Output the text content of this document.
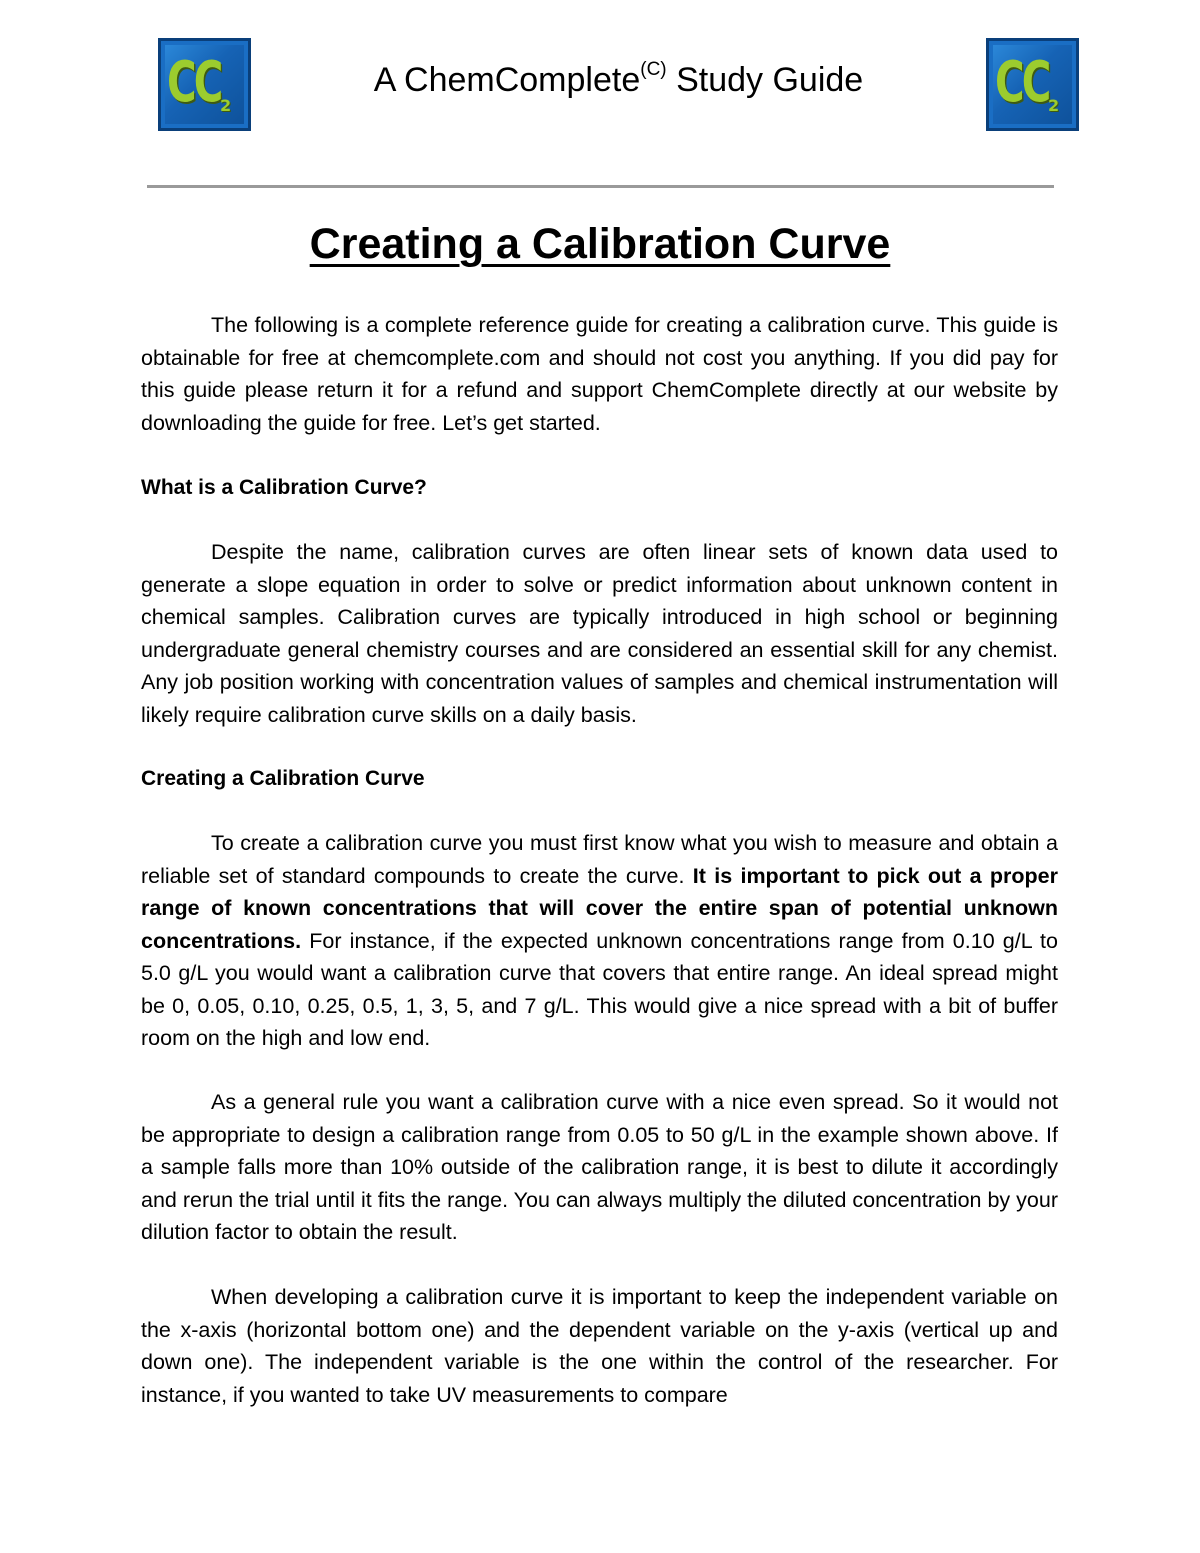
CC 2
A ChemComplete$^{(C)}$ Study Guide	CC 2
Creating a Calibration Curve

The following is a complete reference guide for creating a calibration curve. This guide is obtainable for free at chemcomplete.com and should not cost you anything. If you did pay for this guide please return it for a refund and support ChemComplete directly at our website by downloading the guide for free. Let’s get started.

What is a Calibration Curve?

Despite the name, calibration curves are often linear sets of known data used to generate a slope equation in order to solve or predict information about unknown content in chemical samples. Calibration curves are typically introduced in high school or beginning undergraduate general chemistry courses and are considered an essential skill for any chemist. Any job position working with concentration values of samples and chemical instrumentation will likely require calibration curve skills on a daily basis.

Creating a Calibration Curve

To create a calibration curve you must first know what you wish to measure and obtain a reliable set of standard compounds to create the curve. It is important to pick out a proper range of known concentrations that will cover the entire span of potential unknown concentrations. For instance, if the expected unknown concentrations range from 0.10 g/L to 5.0 g/L you would want a calibration curve that covers that entire range. An ideal spread might be 0, 0.05, 0.10, 0.25, 0.5, 1, 3, 5, and 7 g/L. This would give a nice spread with a bit of buffer room on the high and low end.

As a general rule you want a calibration curve with a nice even spread. So it would not be appropriate to design a calibration range from 0.05 to 50 g/L in the example shown above. If a sample falls more than 10% outside of the calibration range, it is best to dilute it accordingly and rerun the trial until it fits the range. You can always multiply the diluted concentration by your dilution factor to obtain the result.

When developing a calibration curve it is important to keep the independent variable on the x-axis (horizontal bottom one) and the dependent variable on the y-axis (vertical up and down one). The independent variable is the one within the control of the researcher. For instance, if you wanted to take UV measurements to compare
